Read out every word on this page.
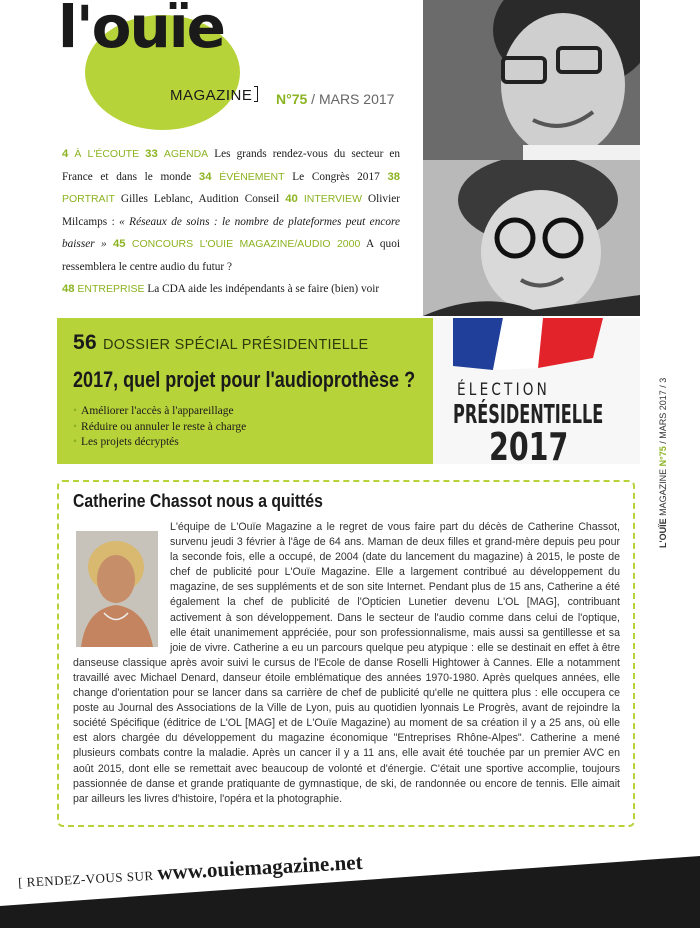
l'ouïe
MAGAZINE	N°75 / MARS 2017
4 À L'ÉCOUTE 33 AGENDA Les grands rendez-vous du secteur en France et dans le monde 34 ÉVÉNEMENT Le Congrès 2017 38 PORTRAIT Gilles Leblanc, Audition Conseil 40 INTERVIEW Olivier Milcamps : « Réseaux de soins : le nombre de plateformes peut encore baisser » 45 CONCOURS L'OUIE MAGAZINE/AUDIO 2000 A quoi ressemblera le centre audio du futur ?
48 ENTREPRISE La CDA aide les indépendants à se faire (bien) voir
56 DOSSIER SPÉCIAL PRÉSIDENTIELLE
2017, quel projet pour l'audioprothèse ?
• Améliorer l'accès à l'appareillage
• Réduire ou annuler le reste à charge
• Les projets décryptés
ÉLECTION
PRÉSIDENTIELLE
2017
L'OUÏE MAGAZINE N°75 / MARS 2017 / 3
Catherine Chassot nous a quittés
L'équipe de L'Ouïe Magazine a le regret de vous faire part du décès de Catherine Chassot, survenu jeudi 3 février à l'âge de 64 ans. Maman de deux filles et grand-mère depuis peu pour la seconde fois, elle a occupé, de 2004 (date du lancement du magazine) à 2015, le poste de chef de publicité pour L'Ouïe Magazine. Elle a largement contribué au développement du magazine, de ses suppléments et de son site Internet. Pendant plus de 15 ans, Catherine a été également la chef de publicité de l'Opticien Lunetier devenu L'OL [MAG], contribuant activement à son développement. Dans le secteur de l'audio comme dans celui de l'optique, elle était unanimement appréciée, pour son professionnalisme, mais aussi sa gentillesse et sa joie de vivre. Catherine a eu un parcours quelque peu atypique : elle se destinait en effet à être danseuse classique après avoir suivi le cursus de l'Ecole de danse Roselli Hightower à Cannes. Elle a notamment travaillé avec Michael Denard, danseur étoile emblématique des années 1970-1980. Après quelques années, elle change d'orientation pour se lancer dans sa carrière de chef de publicité qu'elle ne quittera plus : elle occupera ce poste au Journal des Associations de la Ville de Lyon, puis au quotidien lyonnais Le Progrès, avant de rejoindre la société Spécifique (éditrice de L'OL [MAG] et de L'Ouïe Magazine) au moment de sa création il y a 25 ans, où elle est alors chargée du développement du magazine économique "Entreprises Rhône-Alpes". Catherine a mené plusieurs combats contre la maladie. Après un cancer il y a 11 ans, elle avait été touchée par un premier AVC en août 2015, dont elle se remettait avec beaucoup de volonté et d'énergie. C'était une sportive accomplie, toujours passionnée de danse et grande pratiquante de gymnastique, de ski, de randonnée ou encore de tennis. Elle aimait par ailleurs les livres d'histoire, l'opéra et la photographie.
[ RENDEZ-VOUS SUR www.ouiemagazine.net
